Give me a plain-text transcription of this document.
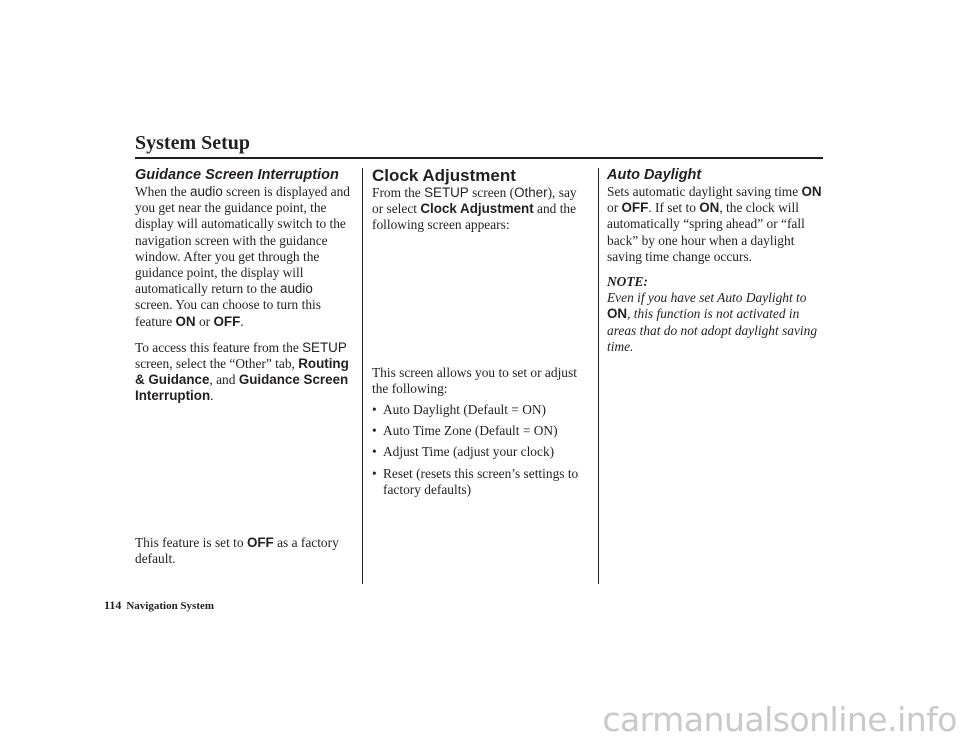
System Setup

Guidance Screen Interruption

When the audio screen is displayed and you get near the guidance point, the display will automatically switch to the navigation screen with the guidance window. After you get through the guidance point, the display will automatically return to the audio screen. You can choose to turn this feature ON or OFF.

To access this feature from the SETUP screen, select the “Other” tab, Routing & Guidance, and Guidance Screen Interruption.

This feature is set to OFF as a factory default.

Clock Adjustment

From the SETUP screen (Other), say or select Clock Adjustment and the following screen appears:

This screen allows you to set or adjust the following:

• Auto Daylight (Default = ON)
• Auto Time Zone (Default = ON)
• Adjust Time (adjust your clock)
• Reset (resets this screen’s settings to factory defaults)

Auto Daylight

Sets automatic daylight saving time ON or OFF. If set to ON, the clock will automatically “spring ahead” or “fall back” by one hour when a daylight saving time change occurs.

NOTE:

Even if you have set Auto Daylight to ON, this function is not activated in areas that do not adopt daylight saving time.

114 Navigation System
carmanualsonline.info
